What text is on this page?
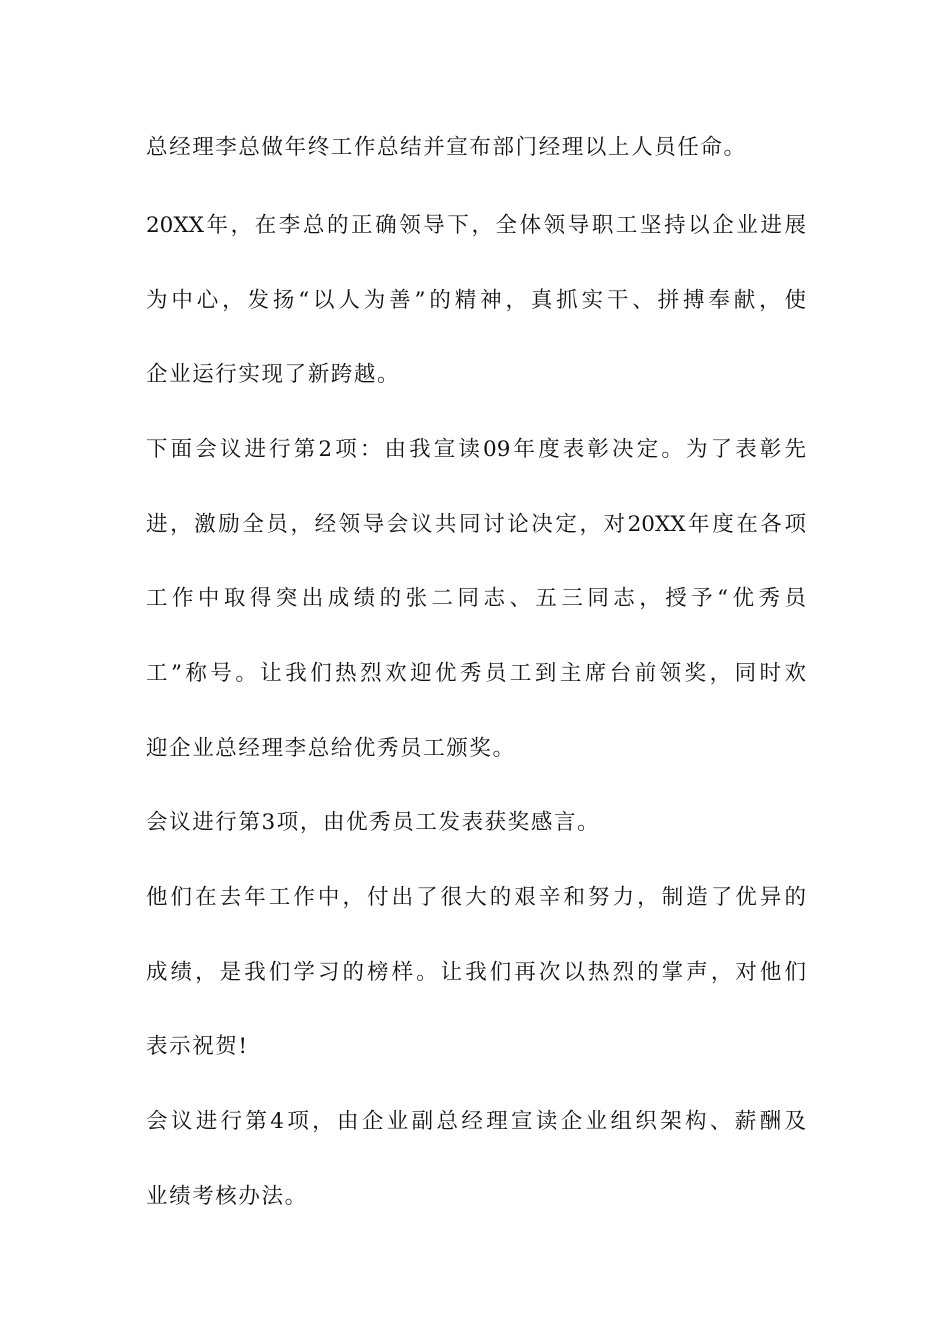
总经理李总做年终工作总结并宣布部门经理以上人员任命。
20XX年，在李总的正确领导下，全体领导职工坚持以企业进展
为中心，发扬“以人为善”的精神，真抓实干、拼搏奉献，使
企业运行实现了新跨越。
下面会议进行第2项：由我宣读09年度表彰决定。为了表彰先
进，激励全员，经领导会议共同讨论决定，对20XX年度在各项
工作中取得突出成绩的张二同志、五三同志，授予“优秀员
工”称号。让我们热烈欢迎优秀员工到主席台前领奖，同时欢
迎企业总经理李总给优秀员工颁奖。
会议进行第3项，由优秀员工发表获奖感言。
他们在去年工作中，付出了很大的艰辛和努力，制造了优异的
成绩，是我们学习的榜样。让我们再次以热烈的掌声，对他们
表示祝贺!
会议进行第4项，由企业副总经理宣读企业组织架构、薪酬及
业绩考核办法。
